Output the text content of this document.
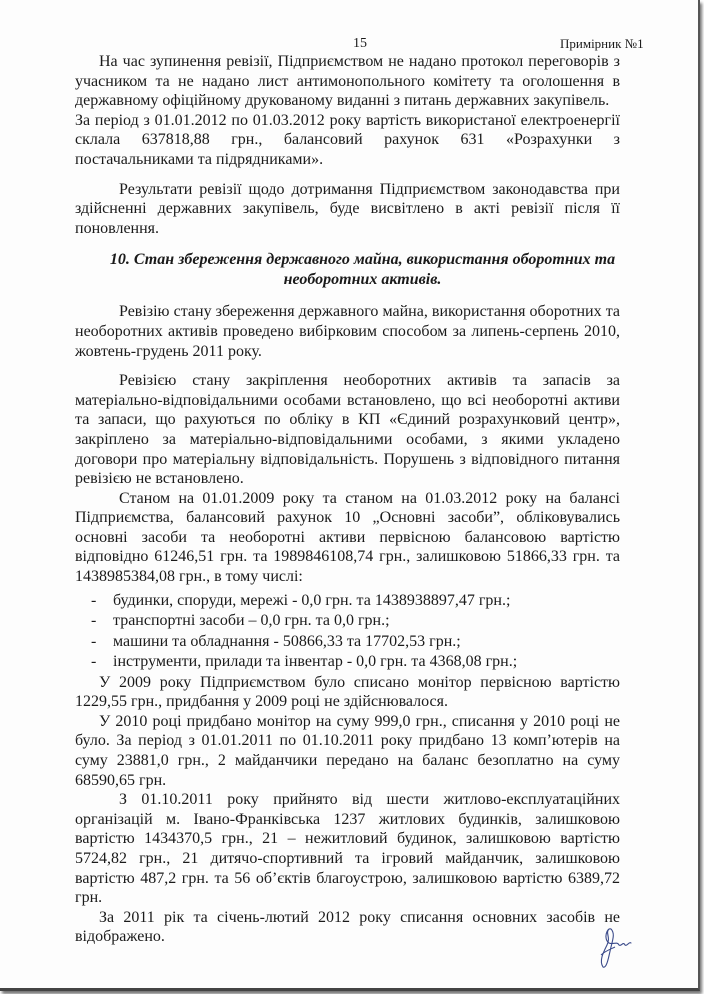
15	Примірник №1

На час зупинення ревізії, Підприємством не надано протокол переговорів з учасником та не надано лист антимонопольного комітету та оголошення в державному офіційному друкованому виданні з питань державних закупівель.

За період з 01.01.2012 по 01.03.2012 року вартість використаної електроенергії склала 637818,88 грн., балансовий рахунок 631 «Розрахунки з постачальниками та підрядниками».

Результати ревізії щодо дотримання Підприємством законодавства при здійсненні державних закупівель, буде висвітлено в акті ревізії після її поновлення.

10. Стан збереження державного майна, використання оборотних та необоротних активів.

Ревізію стану збереження державного майна, використання оборотних та необоротних активів проведено вибірковим способом за липень-серпень 2010, жовтень-грудень 2011 року.

Ревізією стану закріплення необоротних активів та запасів за матеріально-відповідальними особами встановлено, що всі необоротні активи та запаси, що рахуються по обліку в КП «Єдиний розрахунковий центр», закріплено за матеріально-відповідальними особами, з якими укладено договори про матеріальну відповідальність. Порушень з відповідного питання ревізією не встановлено.

Станом на 01.01.2009 року та станом на 01.03.2012 року на балансі Підприємства, балансовий рахунок 10 „Основні засоби”, обліковувались основні засоби та необоротні активи первісною балансовою вартістю відповідно 61246,51 грн. та 1989846108,74 грн., залишковою 51866,33 грн. та 1438985384,08 грн., в тому числі:

- будинки, споруди, мережі - 0,0 грн. та 1438938897,47 грн.;
- транспортні засоби – 0,0 грн. та 0,0 грн.;
- машини та обладнання - 50866,33 та 17702,53 грн.;
- інструменти, прилади та інвентар - 0,0 грн. та 4368,08 грн.;

У 2009 року Підприємством було списано монітор первісною вартістю 1229,55 грн., придбання у 2009 році не здійснювалося.

У 2010 році придбано монітор на суму 999,0 грн., списання у 2010 році не було. За період з 01.01.2011 по 01.10.2011 року придбано 13 комп’ютерів на суму 23881,0 грн., 2 майданчики передано на баланс безоплатно на суму 68590,65 грн.

З 01.10.2011 року прийнято від шести житлово-експлуатаційних організацій м. Івано-Франківська 1237 житлових будинків, залишковою вартістю 1434370,5 грн., 21 – нежитловий будинок, залишковою вартістю 5724,82 грн., 21 дитячо-спортивний та ігровий майданчик, залишковою вартістю 487,2 грн. та 56 об’єктів благоустрою, залишковою вартістю 6389,72 грн.

За 2011 рік та січень-лютий 2012 року списання основних засобів не відображено.
